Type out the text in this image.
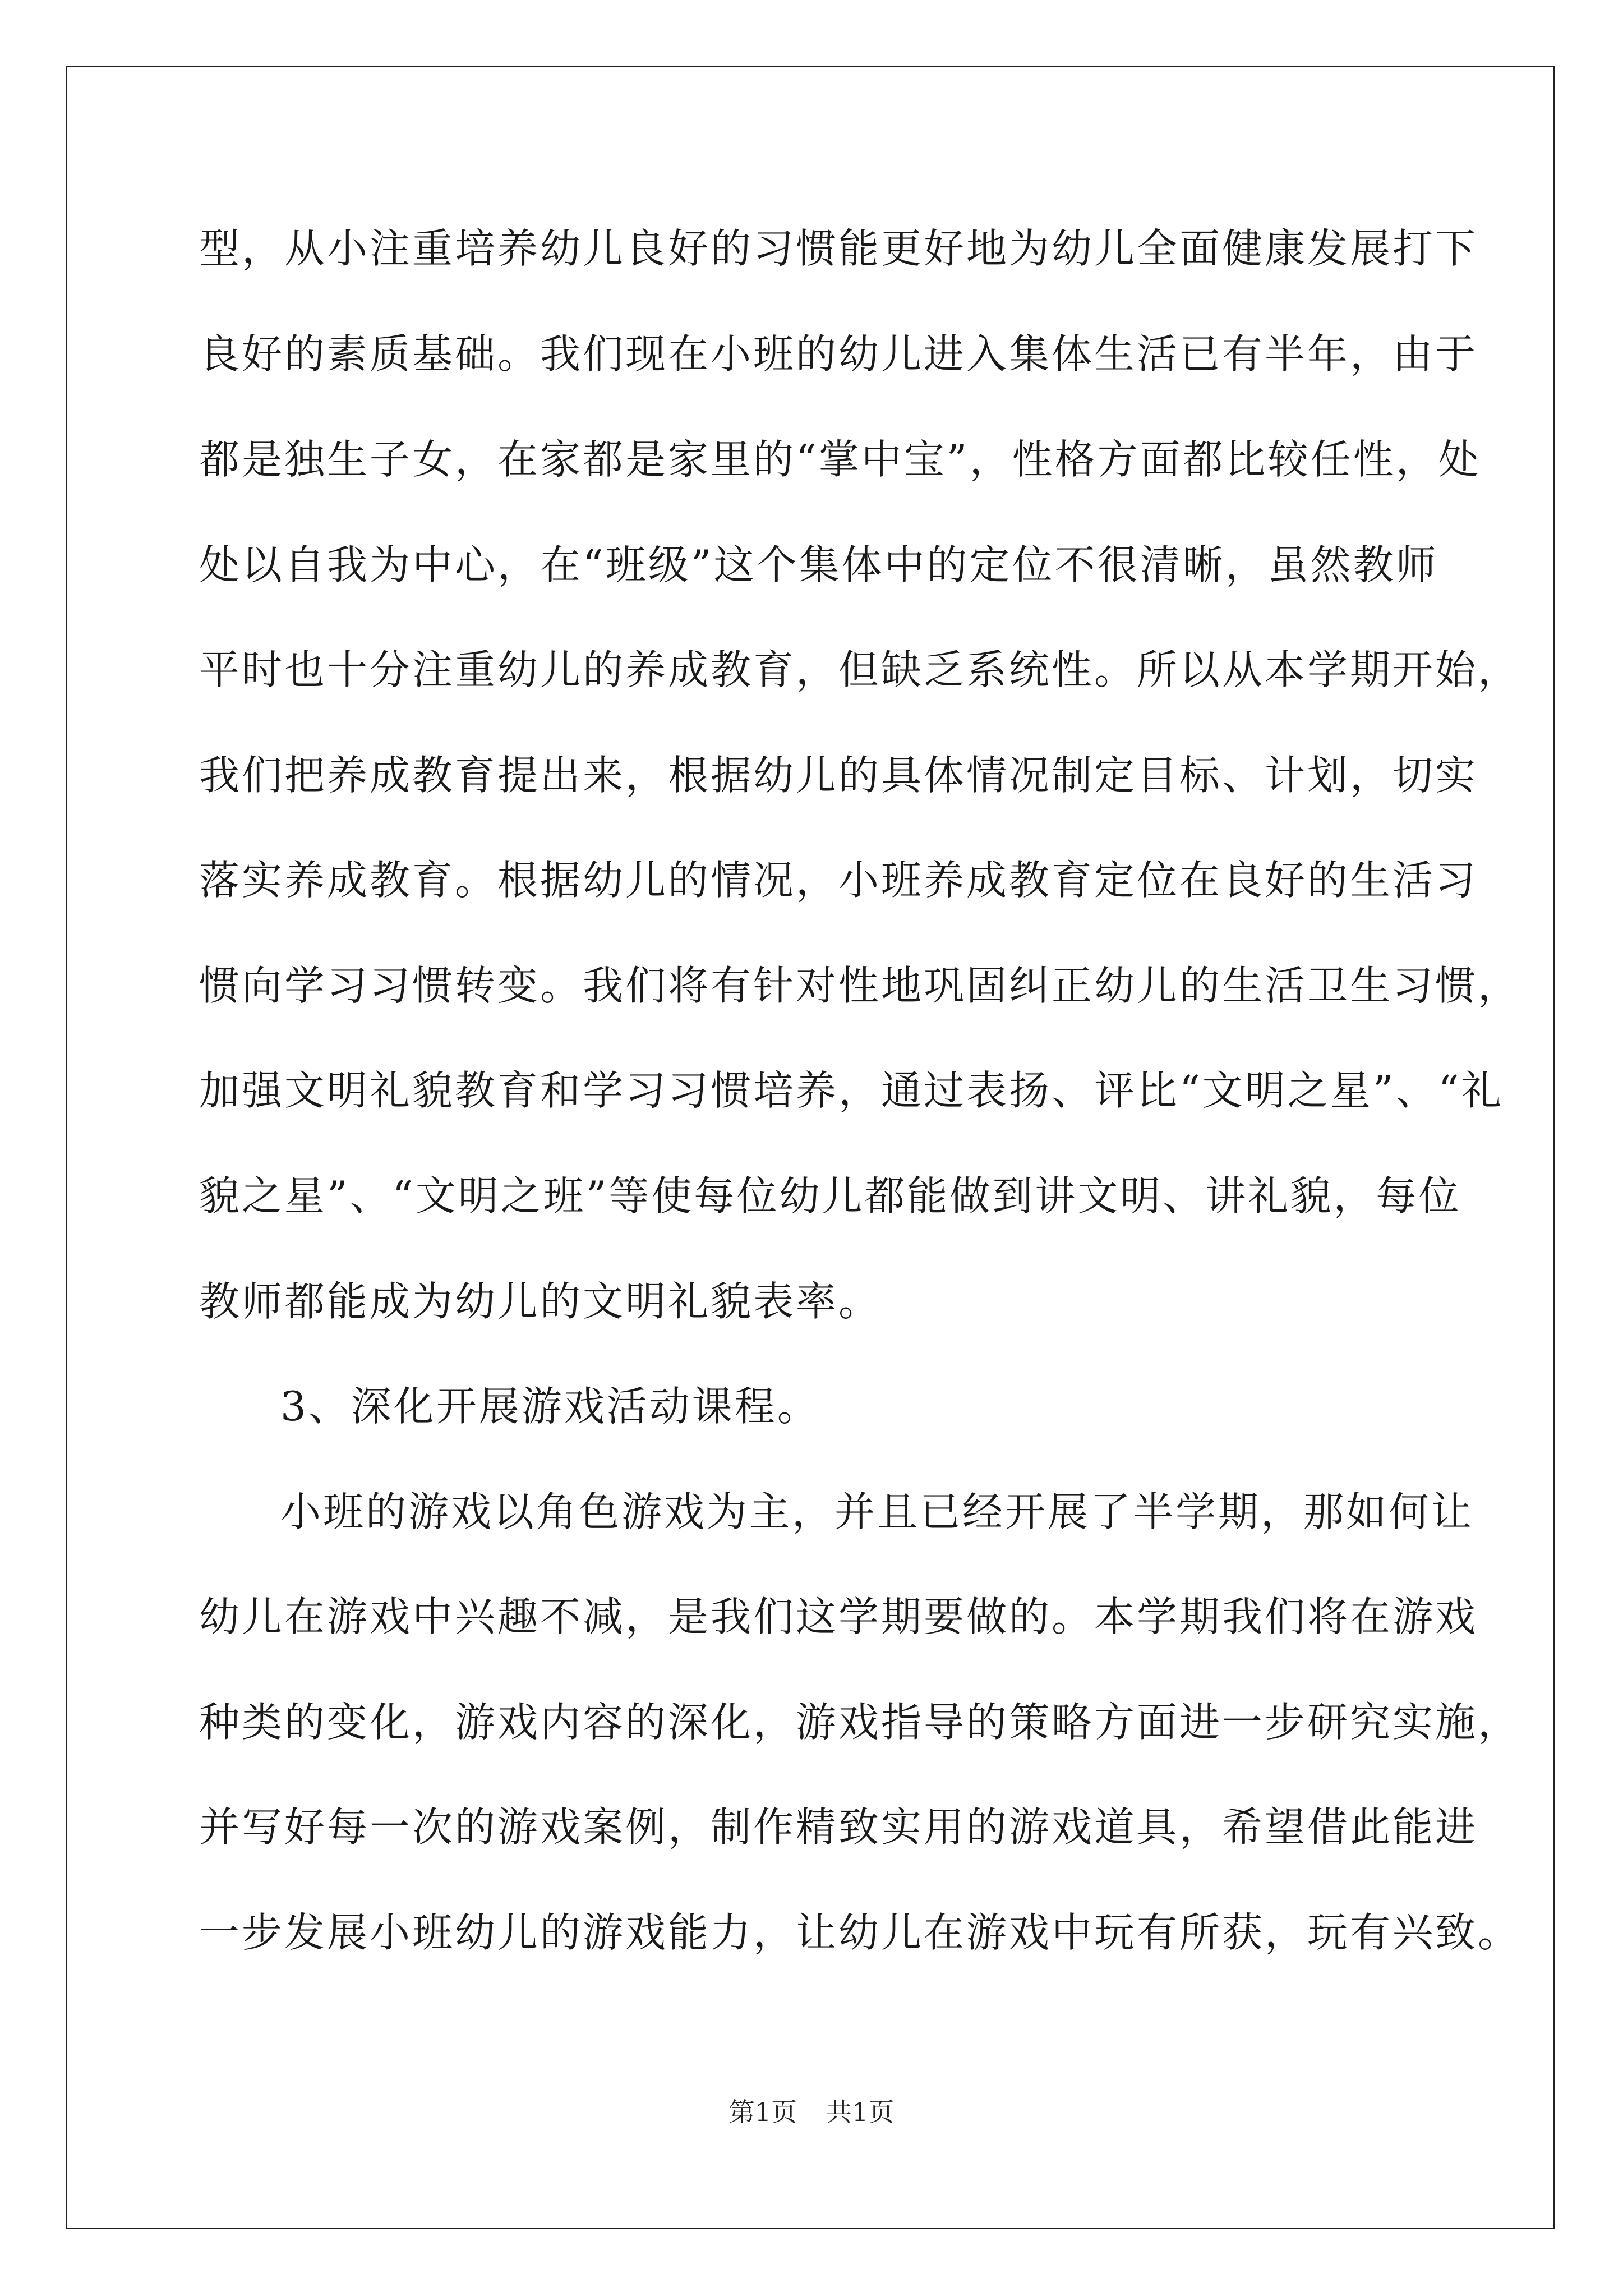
型，从小注重培养幼儿良好的习惯能更好地为幼儿全面健康发展打下
良好的素质基础。我们现在小班的幼儿进入集体生活已有半年，由于
都是独生子女，在家都是家里的“掌中宝”，性格方面都比较任性，处
处以自我为中心，在“班级”这个集体中的定位不很清晰，虽然教师
平时也十分注重幼儿的养成教育，但缺乏系统性。所以从本学期开始，
我们把养成教育提出来，根据幼儿的具体情况制定目标、计划，切实
落实养成教育。根据幼儿的情况，小班养成教育定位在良好的生活习
惯向学习习惯转变。我们将有针对性地巩固纠正幼儿的生活卫生习惯，
加强文明礼貌教育和学习习惯培养，通过表扬、评比“文明之星”、“礼
貌之星”、“文明之班”等使每位幼儿都能做到讲文明、讲礼貌，每位
教师都能成为幼儿的文明礼貌表率。
3、深化开展游戏活动课程。
小班的游戏以角色游戏为主，并且已经开展了半学期，那如何让
幼儿在游戏中兴趣不减，是我们这学期要做的。本学期我们将在游戏
种类的变化，游戏内容的深化，游戏指导的策略方面进一步研究实施，
并写好每一次的游戏案例，制作精致实用的游戏道具，希望借此能进
一步发展小班幼儿的游戏能力，让幼儿在游戏中玩有所获，玩有兴致。
第1页 共1页
